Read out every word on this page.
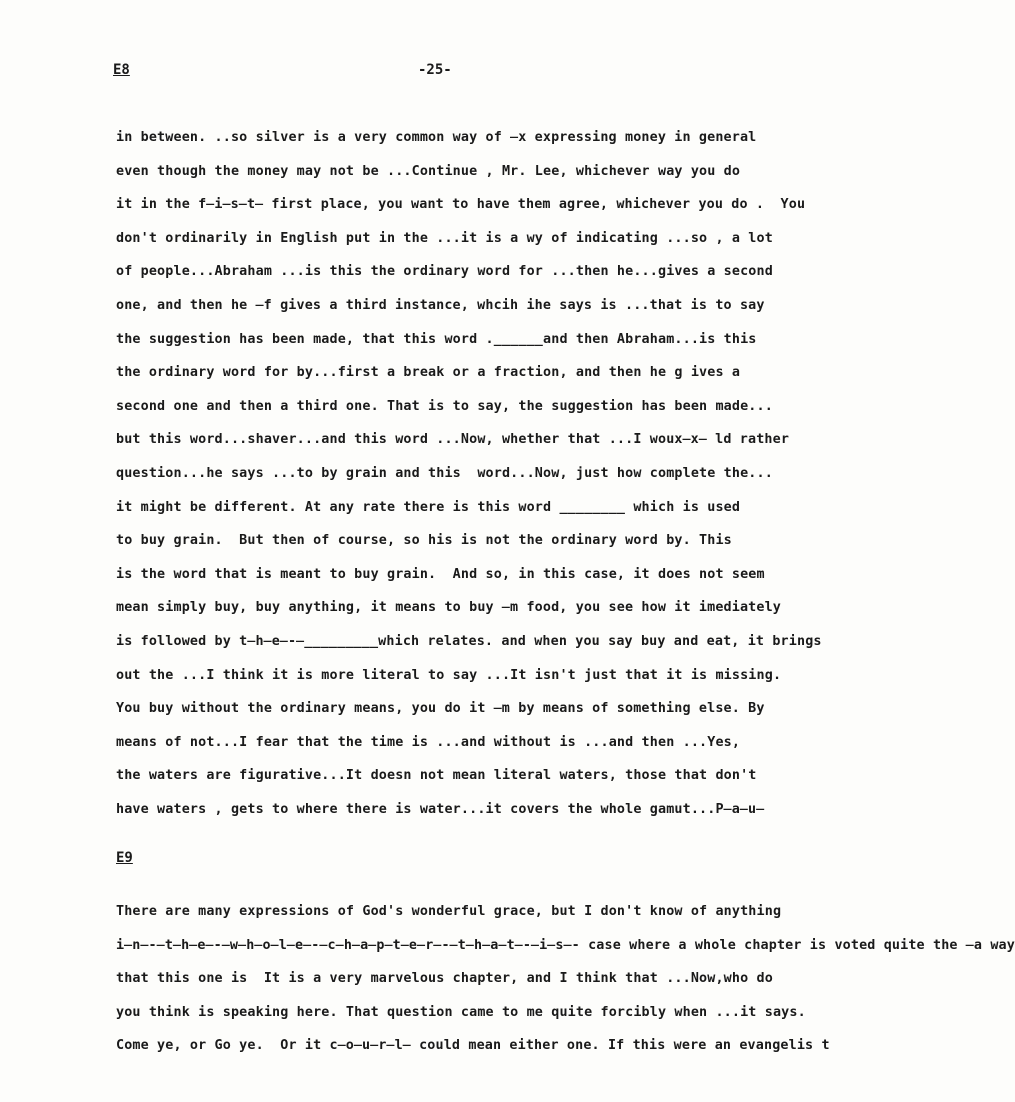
E8	-25-
in between. ..so silver is a very common way of ̶x expressing money in general
even though the money may not be ...Continue , Mr. Lee, whichever way you do
it in the f̶i̶s̶t̶ first place, you want to have them agree, whichever you do .  You
don't ordinarily in English put in the ...it is a wy of indicating ...so , a lot
of people...Abraham ...is this the ordinary word for ...then he...gives a second
one, and then he ̶f gives a third instance, whcih ihe says is ...that is to say
the suggestion has been made, that this word .______and then Abraham...is this
the ordinary word for by...first a break or a fraction, and then he g ives a
second one and then a third one. That is to say, the suggestion has been made...
but this word...shaver...and this word ...Now, whether that ...I woux̶x̶ ld rather
question...he says ...to by grain and this  word...Now, just how complete the...
it might be different. At any rate there is this word ________ which is used
to buy grain.  But then of course, so his is not the ordinary word by. This
is the word that is meant to buy grain.  And so, in this case, it does not seem
mean simply buy, buy anything, it means to buy ̶m food, you see how it imediately
is followed by t̶h̶e̶-̶_________which relates. and when you say buy and eat, it brings
out the ...I think it is more literal to say ...It isn't just that it is missing.
You buy without the ordinary means, you do it ̶m by means of something else. By
means of not...I fear that the time is ...and without is ...and then ...Yes,
the waters are figurative...It doesn not mean literal waters, those that don't
have waters , gets to where there is water...it covers the whole gamut...P̶a̶u̶
E9
There are many expressions of God's wonderful grace, but I don't know of anything
i̶n̶-̶t̶h̶e̶-̶w̶h̶o̶l̶e̶-̶c̶h̶a̶p̶t̶e̶r̶-̶t̶h̶a̶t̶-̶i̶s̶- case where a whole chapter is voted quite the ̶a way
that this one is  It is a very marvelous chapter, and I think that ...Now,who do
you think is speaking here. That question came to me quite forcibly when ...it says.
Come ye, or Go ye.  Or it c̶o̶u̶r̶l̶ could mean either one. If this were an evangelis t
